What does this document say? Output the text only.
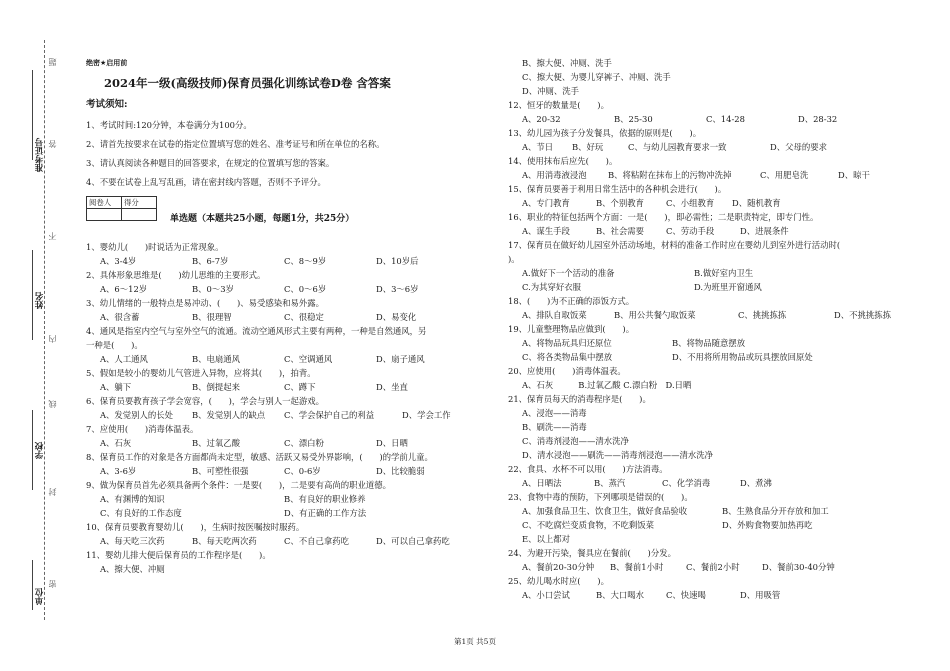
准考证号
姓名
学校
单位
题
答
不
内
线
封
密
绝密★启用前
2024年一级(高级技师)保育员强化训练试卷D卷 含答案
考试须知:
1、考试时间:120分钟，本卷满分为100分。
2、请首先按要求在试卷的指定位置填写您的姓名、准考证号和所在单位的名称。
3、请认真阅读各种题目的回答要求，在规定的位置填写您的答案。
4、不要在试卷上乱写乱画，请在密封线内答题，否则不予评分。
阅卷人	得分

单选题（本题共25小题，每题1分，共25分）
1、婴幼儿(　　)时说话为正常现象。
A、3-4岁	B、6-7岁	C、8～9岁	D、10岁后
2、具体形象思维是(　　)幼儿思维的主要形式。
A、6～12岁	B、0～3岁	C、0～6岁	D、3～6岁
3、幼儿情绪的一般特点是易冲动、(　　)、易受感染和易外露。
A、很含蓄	B、很理智	C、很稳定	D、易变化
4、通风是指室内空气与室外空气的流通。流动空通风形式主要有两种，一种是自然通风，另
一种是(　　)。
A、人工通风	B、电扇通风	C、空调通风	D、扇子通风
5、假如是较小的婴幼儿气管进入异物，应将其(　　)，拍背。
A、躺下	B、倒提起来	C、蹲下	D、坐直
6、保育员要教育孩子学会宽容，(　　)，学会与别人一起游戏。
A、发觉别人的长处	B、发觉别人的缺点	C、学会保护自己的利益	D、学会工作
7、应使用(　　)消毒体温表。
A、石灰	B、过氧乙酸	C、漂白粉	D、日晒
8、保育员工作的对象是各方面都尚未定型，敏感、活跃又易受外界影响，(　　)的学前儿童。
A、3-6岁	B、可塑性很强	C、0-6岁	D、比较脆弱
9、做为保育员首先必须具备两个条件：一是要(　　)，二是要有高尚的职业道德。
A、有渊博的知识	B、有良好的职业修养
C、有良好的工作态度	D、有正确的工作方法
10、保育员要教育婴幼儿(　　)，生病时按医嘱按时服药。
A、每天吃三次药	B、每天吃两次药	C、不自己拿药吃	D、可以自己拿药吃
11、婴幼儿排大便后保育员的工作程序是(　　)。
A、擦大便、冲厕
B、擦大便、冲厕、洗手
C、擦大便、为婴儿穿裤子、冲厕、洗手
D、冲厕、洗手
12、恒牙的数量是(　　)。
A、20-32	B、25-30	C、14-28	D、28-32
13、幼儿园为孩子分发餐具，依据的原则是(　　)。
A、节日	B、好玩	C、与幼儿园教育要求一致	D、父母的要求
14、使用抹布后应先(　　)。
A、用消毒液浸泡	B、将粘附在抹布上的污物冲洗掉	C、用肥皂洗	D、晾干
15、保育员要善于利用日常生活中的各种机会进行(　　)。
A、专门教育	B、个别教育	C、小组教育	D、随机教育
16、职业的特征包括两个方面：一是(　　)，即必需性；二是职责特定，即专门性。
A、谋生手段	B、社会需要	C、劳动手段	D、进展条件
17、保育员在做好幼儿园室外活动场地，材料的准备工作时应在婴幼儿到室外进行活动时(
)。
A.做好下一个活动的准备	B.做好室内卫生
C.为其穿好衣服	D.为班里开窗通风
18、(　　)为不正确的添饭方式。
A、排队自取饭菜	B、用公共餐勺取饭菜	C、挑挑拣拣	D、不挑挑拣拣
19、儿童整理物品应做到(　　)。
A、将物品玩具归还原位	B、将物品随意摆放
C、将各类物品集中摆放	D、不用将所用物品或玩具摆放回原处
20、应使用(　　)消毒体温表。
A、石灰　　　B.过氧乙酸 C.漂白粉　D.日晒
21、保育员每天的消毒程序是(　　)。
A、浸泡——消毒
B、刷洗——消毒
C、消毒剂浸泡——清水洗净
D、清水浸泡——刷洗——消毒剂浸泡——清水洗净
22、食具、水杯不可以用(　　)方法消毒。
A、日晒法	B、蒸汽	C、化学消毒	D、煮沸
23、食物中毒的预防，下列哪项是错误的(　　)。
A、加强食品卫生、饮食卫生，做好食品验收	B、生熟食品分开存放和加工
C、不吃腐烂变质食物，不吃剩饭菜	D、外购食物要加热再吃
E、以上都对
24、为避开污染，餐具应在餐前(　　)分发。
A、餐前20-30分钟	B、餐前1小时	C、餐前2小时	D、餐前30-40分钟
25、幼儿喝水时应(　　)。
A、小口尝试	B、大口喝水	C、快速喝	D、用吸管
第1页 共5页
